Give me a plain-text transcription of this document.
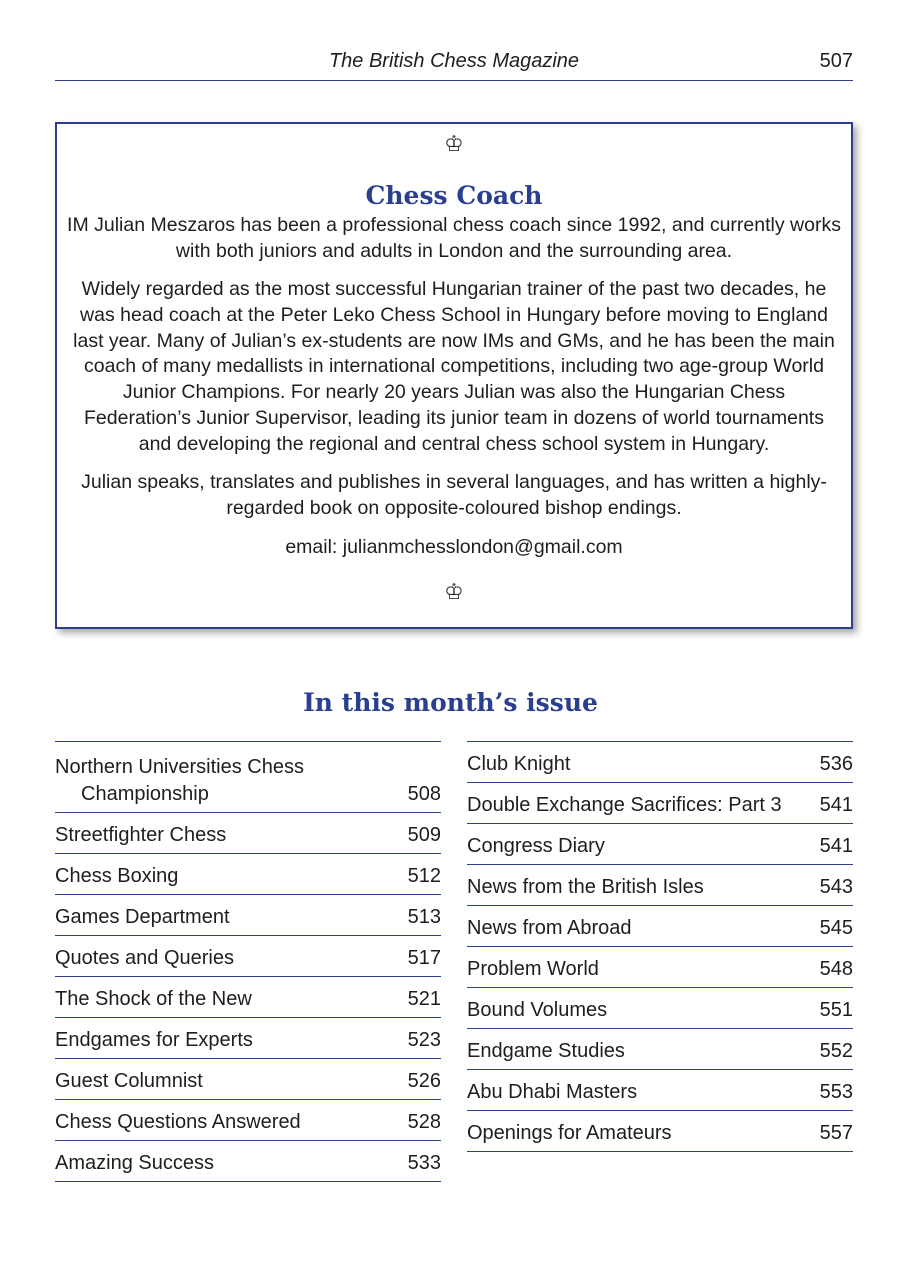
The British Chess Magazine	507
♔
Chess Coach

IM Julian Meszaros has been a professional chess coach since 1992, and currently works with both juniors and adults in London and the surrounding area.

Widely regarded as the most successful Hungarian trainer of the past two decades, he was head coach at the Peter Leko Chess School in Hungary before moving to England last year. Many of Julian’s ex-students are now IMs and GMs, and he has been the main coach of many medallists in international competitions, including two age-group World Junior Champions. For nearly 20 years Julian was also the Hungarian Chess Federation’s Junior Supervisor, leading its junior team in dozens of world tournaments and developing the regional and central chess school system in Hungary.

Julian speaks, translates and publishes in several languages, and has written a highly-regarded book on opposite-coloured bishop endings.

email: julianmchesslondon@gmail.com

♔
In this month’s issue
Northern Universities Chess
Championship	508
Streetfighter Chess	509
Chess Boxing	512
Games Department	513
Quotes and Queries	517
The Shock of the New	521
Endgames for Experts	523
Guest Columnist	526
Chess Questions Answered	528
Amazing Success	533
Club Knight	536
Double Exchange Sacrifices: Part 3	541
Congress Diary	541
News from the British Isles	543
News from Abroad	545
Problem World	548
Bound Volumes	551
Endgame Studies	552
Abu Dhabi Masters	553
Openings for Amateurs	557
